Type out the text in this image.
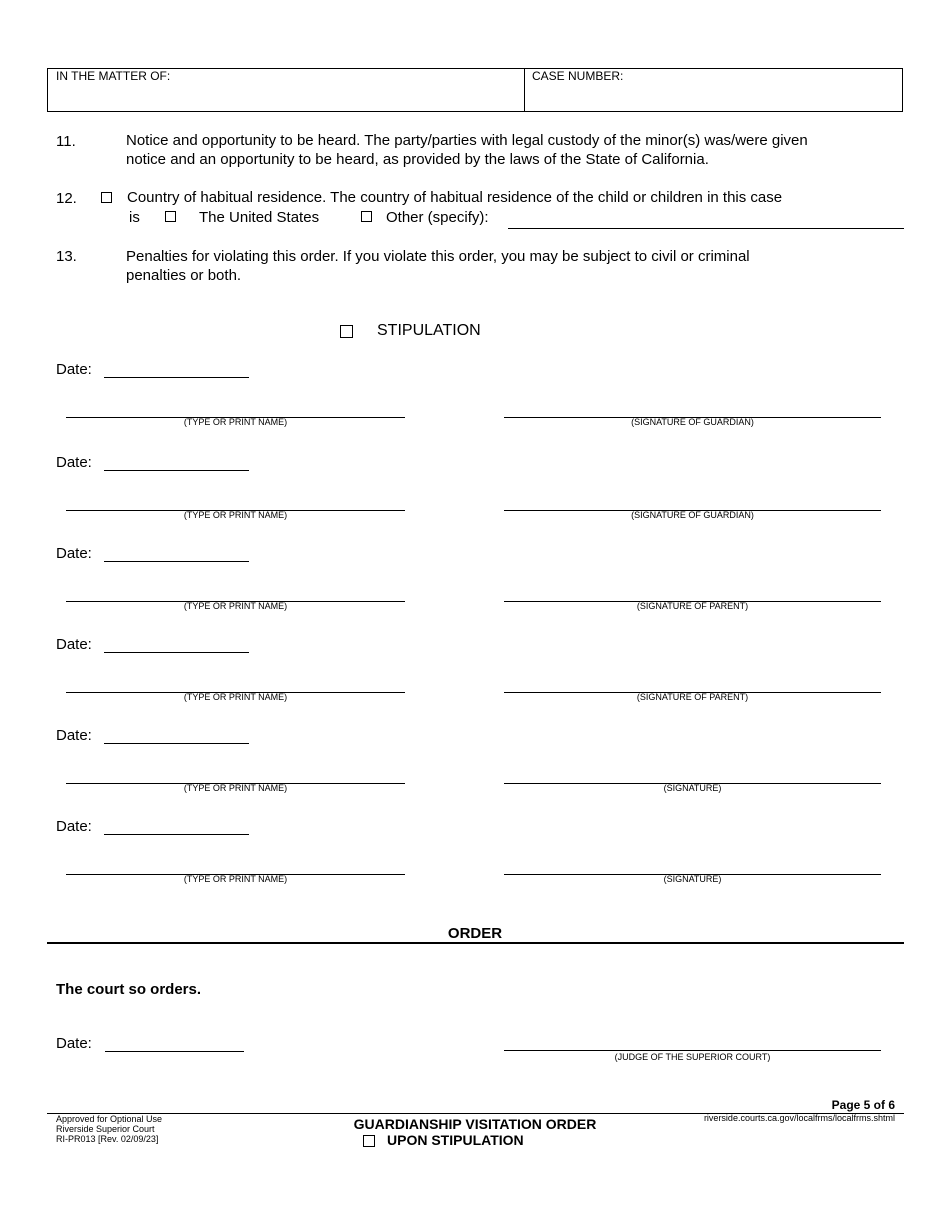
IN THE MATTER OF:	CASE NUMBER:
11.	Notice and opportunity to be heard. The party/parties with legal custody of the minor(s) was/were given
notice and an opportunity to be heard, as provided by the laws of the State of California.
12.	Country of habitual residence. The country of habitual residence of the child or children in this case
is	The United States	Other (specify):
13.	Penalties for violating this order. If you violate this order, you may be subject to civil or criminal
penalties or both.
STIPULATION
Date:
(TYPE OR PRINT NAME)	(SIGNATURE OF GUARDIAN)
Date:
(TYPE OR PRINT NAME)	(SIGNATURE OF GUARDIAN)
Date:
(TYPE OR PRINT NAME)	(SIGNATURE OF PARENT)
Date:
(TYPE OR PRINT NAME)	(SIGNATURE OF PARENT)
Date:
(TYPE OR PRINT NAME)	(SIGNATURE)
Date:
(TYPE OR PRINT NAME)	(SIGNATURE)
ORDER
The court so orders.
Date:
(JUDGE OF THE SUPERIOR COURT)
Page 5 of 6
Approved for Optional Use
Riverside Superior Court
RI-PR013 [Rev. 02/09/23]
GUARDIANSHIP VISITATION ORDER
UPON STIPULATION
riverside.courts.ca.gov/localfrms/localfrms.shtml
